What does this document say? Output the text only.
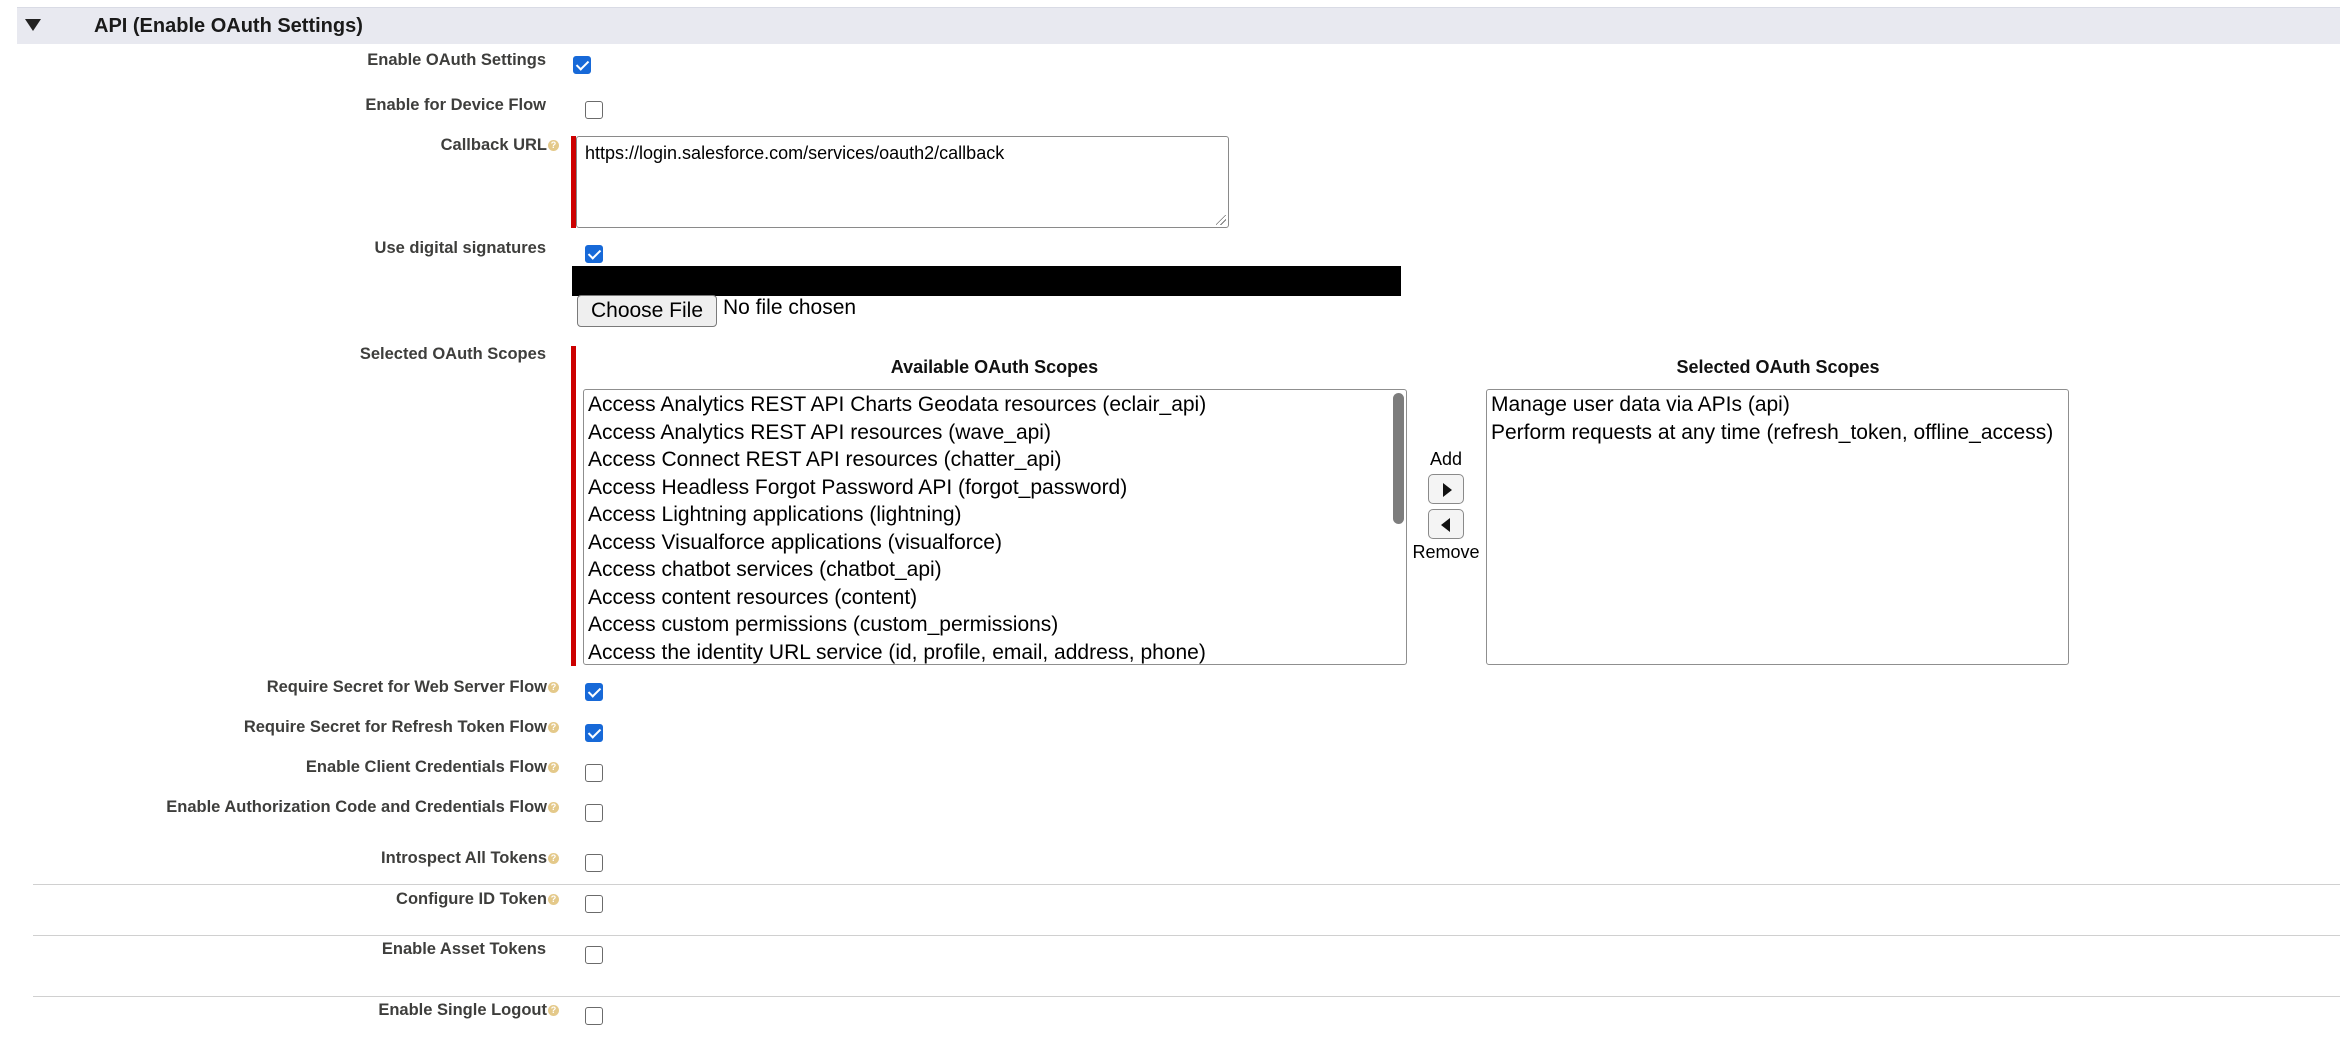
API (Enable OAuth Settings)
Enable OAuth Settings
Enable for Device Flow
Callback URL ?	https://login.salesforce.com/services/oauth2/callback
Use digital signatures
Choose File No file chosen
Selected OAuth Scopes
Available OAuth Scopes	Selected OAuth Scopes
Access Analytics REST API Charts Geodata resources (eclair_api)
Access Analytics REST API resources (wave_api)
Access Connect REST API resources (chatter_api)
Access Headless Forgot Password API (forgot_password)
Access Lightning applications (lightning)
Access Visualforce applications (visualforce)
Access chatbot services (chatbot_api)
Access content resources (content)
Access custom permissions (custom_permissions)
Access the identity URL service (id, profile, email, address, phone)
Add
Remove
Manage user data via APIs (api)
Perform requests at any time (refresh_token, offline_access)
Require Secret for Web Server Flow ?
Require Secret for Refresh Token Flow ?
Enable Client Credentials Flow ?
Enable Authorization Code and Credentials Flow ?
Introspect All Tokens ?
Configure ID Token ?
Enable Asset Tokens
Enable Single Logout ?
